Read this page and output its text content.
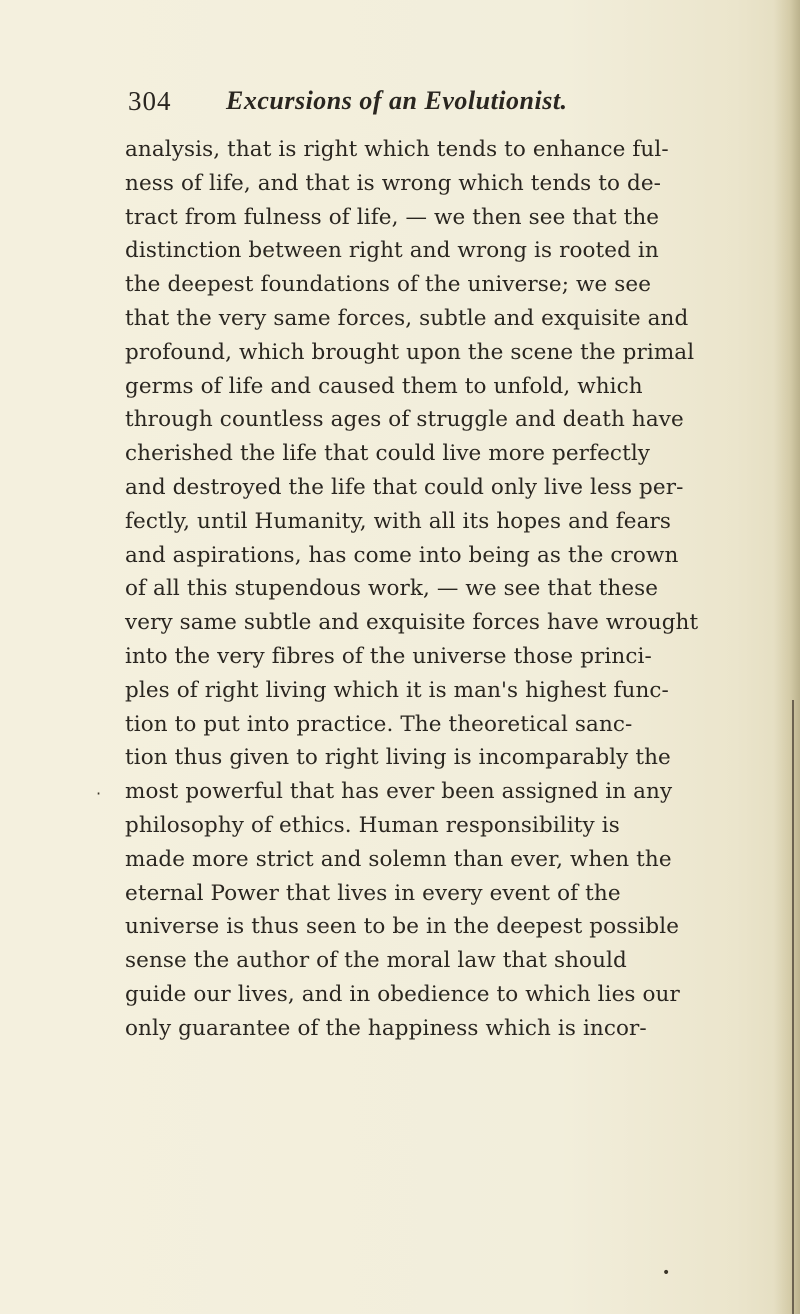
304 Excursions of an Evolutionist.
analysis, that is right which tends to enhance ful-
ness of life, and that is wrong which tends to de-
tract from fulness of life, — we then see that the
distinction between right and wrong is rooted in
the deepest foundations of the universe; we see
that the very same forces, subtle and exquisite and
profound, which brought upon the scene the primal
germs of life and caused them to unfold, which
through countless ages of struggle and death have
cherished the life that could live more perfectly
and destroyed the life that could only live less per-
fectly, until Humanity, with all its hopes and fears
and aspirations, has come into being as the crown
of all this stupendous work, — we see that these
very same subtle and exquisite forces have wrought
into the very fibres of the universe those princi-
ples of right living which it is man's highest func-
tion to put into practice. The theoretical sanc-
tion thus given to right living is incomparably the
most powerful that has ever been assigned in any
philosophy of ethics. Human responsibility is
made more strict and solemn than ever, when the
eternal Power that lives in every event of the
universe is thus seen to be in the deepest possible
sense the author of the moral law that should
guide our lives, and in obedience to which lies our
only guarantee of the happiness which is incor-
·
•
